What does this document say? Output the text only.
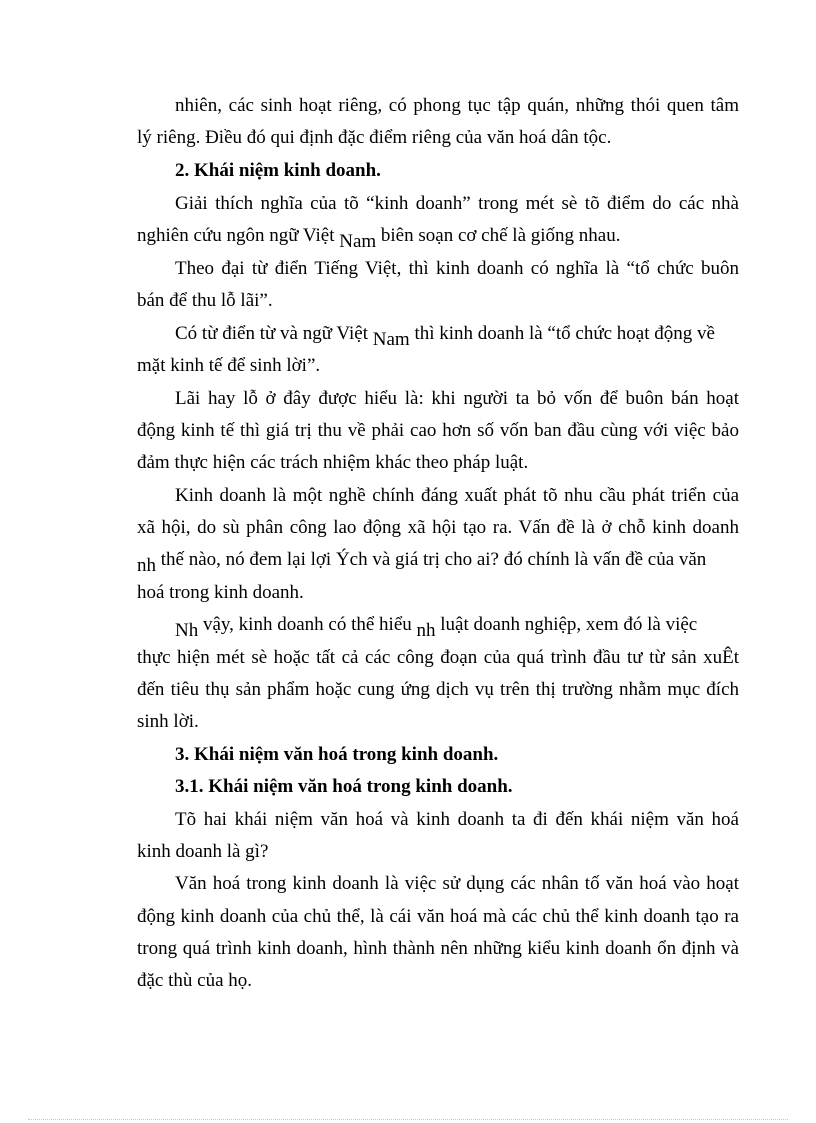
nhiên, các sinh hoạt riêng, có phong tục tập quán, những thói quen tâm
lý riêng. Điều đó qui định đặc điểm riêng của văn hoá dân tộc.
2. Khái niệm kinh doanh.
Giải thích nghĩa của tõ “kinh doanh” trong mét sè tõ điểm do các nhà
nghiên cứu ngôn ngữ Việt Nam biên soạn cơ chế là giống nhau.
Theo đại từ điển Tiếng Việt, thì kinh doanh có nghĩa là “tổ chức buôn
bán để thu lỗ lãi”.
Có từ điển từ và ngữ Việt Nam thì kinh doanh là “tổ chức hoạt động về
mặt kinh tế để sinh lời”.
Lãi hay lỗ ở đây được hiểu là: khi người ta bỏ vốn để buôn bán hoạt
động kinh tế thì giá trị thu về phải cao hơn số vốn ban đầu cùng với việc bảo
đảm thực hiện các trách nhiệm khác theo pháp luật.
Kinh doanh là một nghề chính đáng xuất phát tõ nhu cầu phát triển của
xã hội, do sù phân công lao động xã hội tạo ra. Vấn đề là ở chỗ kinh doanh
nh thế nào, nó đem lại lợi Ých và giá trị cho ai? đó chính là vấn đề của văn
hoá trong kinh doanh.
Nh vậy, kinh doanh có thể hiểu nh luật doanh nghiệp, xem đó là việc
thực hiện mét sè hoặc tất cả các công đoạn của quá trình đầu tư từ sản xuÊt
đến tiêu thụ sản phẩm hoặc cung ứng dịch vụ trên thị trường nhằm mục đích
sinh lời.
3. Khái niệm văn hoá trong kinh doanh.
3.1. Khái niệm văn hoá trong kinh doanh.
Tõ hai khái niệm văn hoá và kinh doanh ta đi đến khái niệm văn hoá
kinh doanh là gì?
Văn hoá trong kinh doanh là việc sử dụng các nhân tố văn hoá vào hoạt
động kinh doanh của chủ thể, là cái văn hoá mà các chủ thể kinh doanh tạo ra
trong quá trình kinh doanh, hình thành nên những kiểu kinh doanh ổn định và
đặc thù của họ.
